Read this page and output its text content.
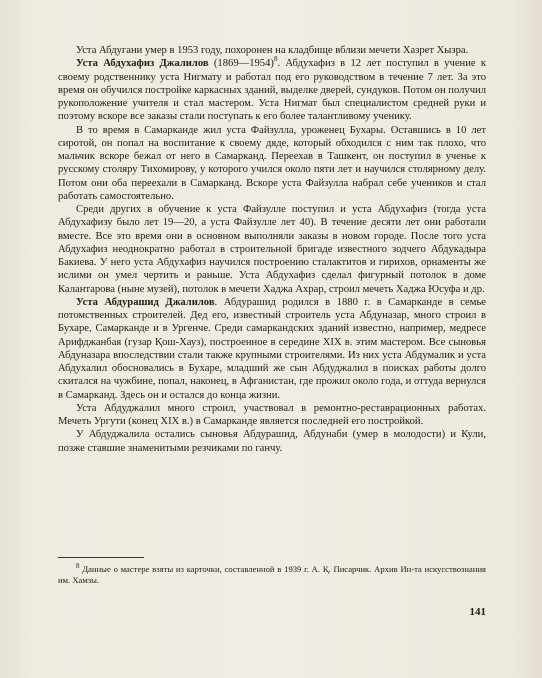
Уста Абдугани умер в 1953 году, похоронен на кладбище вблизи мечети Хазрет Хызра.

Уста Абдухафиз Джалилов (1869—1954)$^8$. Абдухафиз в 12 лет поступил в учение к своему родственнику уста Нигмату и работал под его руководством в течение 7 лет. За это время он обучился постройке каркасных зданий, выделке дверей, сундуков. Потом он получил рукоположение учителя и стал мастером. Уста Нигмат был специалистом средней руки и поэтому вскоре все заказы стали поступать к его более талантливому ученику.

В то время в Самарканде жил уста Файзулла, уроженец Бухары. Оставшись в 10 лет сиротой, он попал на воспитание к своему дяде, который обходился с ним так плохо, что мальчик вскоре бежал от него в Самарканд. Переехав в Ташкент, он поступил в ученье к русскому столяру Тихомирову, у которого учился около пяти лет и научился столярному делу. Потом они оба переехали в Самарканд. Вскоре уста Файзулла набрал себе учеников и стал работать самостоятельно.

Среди других в обучение к уста Файзулле поступил и уста Абдухафиз (тогда уста Абдухафизу было лет 19—20, а уста Файзулле лет 40). В течение десяти лет они работали вместе. Все это время они в основном выполняли заказы в новом городе. После того уста Абдухафиз неоднократно работал в строительной бригаде известного зодчего Абдукадыра Бакиева. У него уста Абдухафиз научился построению сталактитов и гирихов, орнаменты же ислими он умел чертить и раньше. Уста Абдухафиз сделал фигурный потолок в доме Калантарова (ныне музей), потолок в мечети Хаджа Ахрар, строил мечеть Хаджа Юсуфа и др.

Уста Абдурашид Джалилов. Абдурашид родился в 1880 г. в Самарканде в семье потомственных строителей. Дед его, известный строитель уста Абдуназар, много строил в Бухаре, Самарканде и в Ургенче. Среди самаркандских зданий известно, например, медресе Арифджанбая (гузар Қош-Хауз), построенное в середине XIX в. этим мастером. Все сыновья Абдуназара впоследствии стали также крупными строителями. Из них уста Абдумалик и уста Абдухалил обосновались в Бухаре, младший же сын Абдуджалил в поисках работы долго скитался на чужбине, попал, наконец, в Афганистан, где прожил около года, и оттуда вернулся в Самарканд. Здесь он и остался до конца жизни.

Уста Абдуджалил много строил, участвовал в ремонтно-реставрационных работах. Мечеть Ургути (конец XIX в.) в Самарканде является последней его постройкой.

У Абдуджалила остались сыновья Абдурашид, Абдунаби (умер в молодости) и Кули, позже ставшие знаменитыми резчиками по ганчу.

$^8$ Данные о мастере взяты из карточки, составленной в 1939 г. А. Қ. Писарчик. Архив Ин-та искусствознания им. Хамзы.
141
